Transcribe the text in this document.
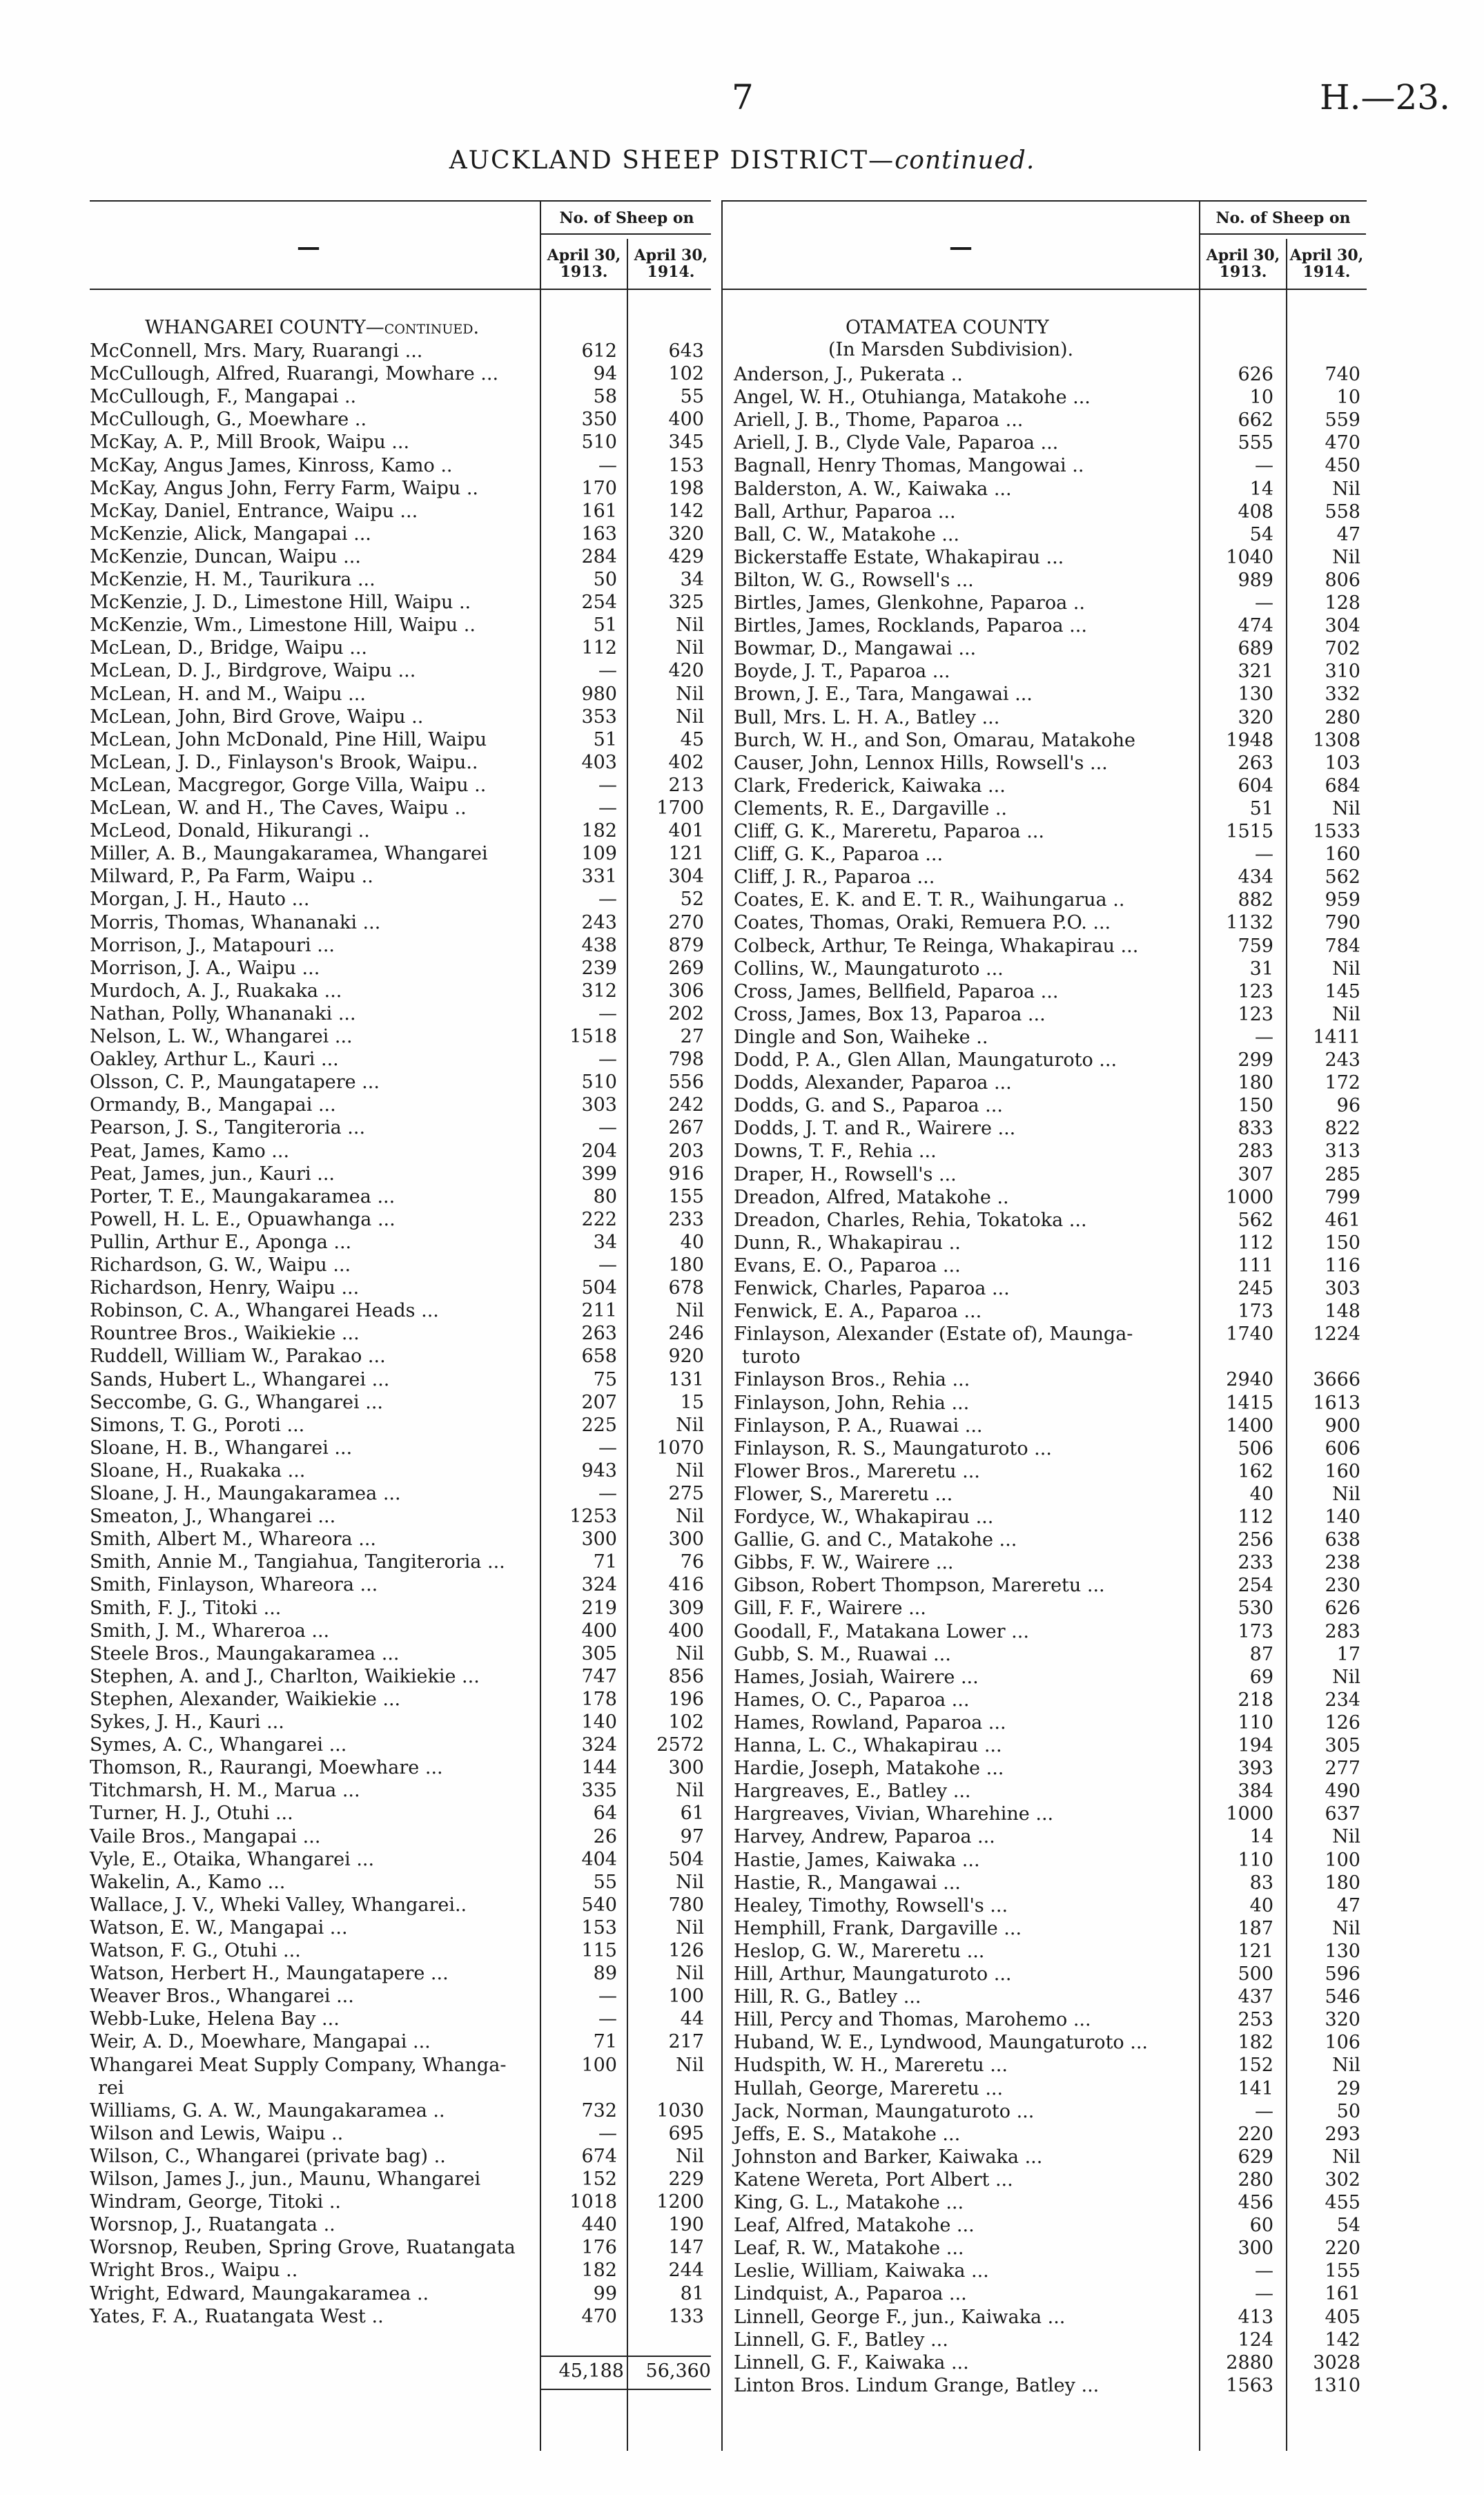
7	H.—23.
AUCKLAND SHEEP DISTRICT—continued.
No. of Sheep on
April 30, 1913.
April 30, 1914.
—
WHANGAREI COUNTY—continued.
McConnell, Mrs. Mary, Ruarangi ...	612	643
McCullough, Alfred, Ruarangi, Mowhare ...	94	102
McCullough, F., Mangapai ..	58	55
McCullough, G., Moewhare ..	350	400
McKay, A. P., Mill Brook, Waipu ...	510	345
McKay, Angus James, Kinross, Kamo ..	—	153
McKay, Angus John, Ferry Farm, Waipu ..	170	198
McKay, Daniel, Entrance, Waipu ...	161	142
McKenzie, Alick, Mangapai ...	163	320
McKenzie, Duncan, Waipu ...	284	429
McKenzie, H. M., Taurikura ...	50	34
McKenzie, J. D., Limestone Hill, Waipu ..	254	325
McKenzie, Wm., Limestone Hill, Waipu ..	51	Nil
McLean, D., Bridge, Waipu ...	112	Nil
McLean, D. J., Birdgrove, Waipu ...	—	420
McLean, H. and M., Waipu ...	980	Nil
McLean, John, Bird Grove, Waipu ..	353	Nil
McLean, John McDonald, Pine Hill, Waipu	51	45
McLean, J. D., Finlayson's Brook, Waipu..	403	402
McLean, Macgregor, Gorge Villa, Waipu ..	—	213
McLean, W. and H., The Caves, Waipu ..	—	1700
McLeod, Donald, Hikurangi ..	182	401
Miller, A. B., Maungakaramea, Whangarei	109	121
Milward, P., Pa Farm, Waipu ..	331	304
Morgan, J. H., Hauto ...	—	52
Morris, Thomas, Whananaki ...	243	270
Morrison, J., Matapouri ...	438	879
Morrison, J. A., Waipu ...	239	269
Murdoch, A. J., Ruakaka ...	312	306
Nathan, Polly, Whananaki ...	—	202
Nelson, L. W., Whangarei ...	1518	27
Oakley, Arthur L., Kauri ...	—	798
Olsson, C. P., Maungatapere ...	510	556
Ormandy, B., Mangapai ...	303	242
Pearson, J. S., Tangiteroria ...	—	267
Peat, James, Kamo ...	204	203
Peat, James, jun., Kauri ...	399	916
Porter, T. E., Maungakaramea ...	80	155
Powell, H. L. E., Opuawhanga ...	222	233
Pullin, Arthur E., Aponga ...	34	40
Richardson, G. W., Waipu ...	—	180
Richardson, Henry, Waipu ...	504	678
Robinson, C. A., Whangarei Heads ...	211	Nil
Rountree Bros., Waikiekie ...	263	246
Ruddell, William W., Parakao ...	658	920
Sands, Hubert L., Whangarei ...	75	131
Seccombe, G. G., Whangarei ...	207	15
Simons, T. G., Poroti ...	225	Nil
Sloane, H. B., Whangarei ...	—	1070
Sloane, H., Ruakaka ...	943	Nil
Sloane, J. H., Maungakaramea ...	—	275
Smeaton, J., Whangarei ...	1253	Nil
Smith, Albert M., Whareora ...	300	300
Smith, Annie M., Tangiahua, Tangiteroria ...	71	76
Smith, Finlayson, Whareora ...	324	416
Smith, F. J., Titoki ...	219	309
Smith, J. M., Whareroa ...	400	400
Steele Bros., Maungakaramea ...	305	Nil
Stephen, A. and J., Charlton, Waikiekie ...	747	856
Stephen, Alexander, Waikiekie ...	178	196
Sykes, J. H., Kauri ...	140	102
Symes, A. C., Whangarei ...	324	2572
Thomson, R., Raurangi, Moewhare ...	144	300
Titchmarsh, H. M., Marua ...	335	Nil
Turner, H. J., Otuhi ...	64	61
Vaile Bros., Mangapai ...	26	97
Vyle, E., Otaika, Whangarei ...	404	504
Wakelin, A., Kamo ...	55	Nil
Wallace, J. V., Wheki Valley, Whangarei..	540	780
Watson, E. W., Mangapai ...	153	Nil
Watson, F. G., Otuhi ...	115	126
Watson, Herbert H., Maungatapere ...	89	Nil
Weaver Bros., Whangarei ...	—	100
Webb-Luke, Helena Bay ...	—	44
Weir, A. D., Moewhare, Mangapai ...	71	217
Whangarei Meat Supply Company, Whanga-	100	Nil
rei
Williams, G. A. W., Maungakaramea ..	732	1030
Wilson and Lewis, Waipu ..	—	695
Wilson, C., Whangarei (private bag) ..	674	Nil
Wilson, James J., jun., Maunu, Whangarei	152	229
Windram, George, Titoki ..	1018	1200
Worsnop, J., Ruatangata ..	440	190
Worsnop, Reuben, Spring Grove, Ruatangata	176	147
Wright Bros., Waipu ..	182	244
Wright, Edward, Maungakaramea ..	99	81
Yates, F. A., Ruatangata West ..	470	133
45,188	56,360
No. of Sheep on
April 30, 1913.
April 30, 1914.
—
OTAMATEA COUNTY
(In Marsden Subdivision).
Anderson, J., Pukerata ..	626	740
Angel, W. H., Otuhianga, Matakohe ...	10	10
Ariell, J. B., Thome, Paparoa ...	662	559
Ariell, J. B., Clyde Vale, Paparoa ...	555	470
Bagnall, Henry Thomas, Mangowai ..	—	450
Balderston, A. W., Kaiwaka ...	14	Nil
Ball, Arthur, Paparoa ...	408	558
Ball, C. W., Matakohe ...	54	47
Bickerstaffe Estate, Whakapirau ...	1040	Nil
Bilton, W. G., Rowsell's ...	989	806
Birtles, James, Glenkohne, Paparoa ..	—	128
Birtles, James, Rocklands, Paparoa ...	474	304
Bowmar, D., Mangawai ...	689	702
Boyde, J. T., Paparoa ...	321	310
Brown, J. E., Tara, Mangawai ...	130	332
Bull, Mrs. L. H. A., Batley ...	320	280
Burch, W. H., and Son, Omarau, Matakohe	1948	1308
Causer, John, Lennox Hills, Rowsell's ...	263	103
Clark, Frederick, Kaiwaka ...	604	684
Clements, R. E., Dargaville ..	51	Nil
Cliff, G. K., Mareretu, Paparoa ...	1515	1533
Cliff, G. K., Paparoa ...	—	160
Cliff, J. R., Paparoa ...	434	562
Coates, E. K. and E. T. R., Waihungarua ..	882	959
Coates, Thomas, Oraki, Remuera P.O. ...	1132	790
Colbeck, Arthur, Te Reinga, Whakapirau ...	759	784
Collins, W., Maungaturoto ...	31	Nil
Cross, James, Bellfield, Paparoa ...	123	145
Cross, James, Box 13, Paparoa ...	123	Nil
Dingle and Son, Waiheke ..	—	1411
Dodd, P. A., Glen Allan, Maungaturoto ...	299	243
Dodds, Alexander, Paparoa ...	180	172
Dodds, G. and S., Paparoa ...	150	96
Dodds, J. T. and R., Wairere ...	833	822
Downs, T. F., Rehia ...	283	313
Draper, H., Rowsell's ...	307	285
Dreadon, Alfred, Matakohe ..	1000	799
Dreadon, Charles, Rehia, Tokatoka ...	562	461
Dunn, R., Whakapirau ..	112	150
Evans, E. O., Paparoa ...	111	116
Fenwick, Charles, Paparoa ...	245	303
Fenwick, E. A., Paparoa ...	173	148
Finlayson, Alexander (Estate of), Maunga-	1740	1224
turoto
Finlayson Bros., Rehia ...	2940	3666
Finlayson, John, Rehia ...	1415	1613
Finlayson, P. A., Ruawai ...	1400	900
Finlayson, R. S., Maungaturoto ...	506	606
Flower Bros., Mareretu ...	162	160
Flower, S., Mareretu ...	40	Nil
Fordyce, W., Whakapirau ...	112	140
Gallie, G. and C., Matakohe ...	256	638
Gibbs, F. W., Wairere ...	233	238
Gibson, Robert Thompson, Mareretu ...	254	230
Gill, F. F., Wairere ...	530	626
Goodall, F., Matakana Lower ...	173	283
Gubb, S. M., Ruawai ...	87	17
Hames, Josiah, Wairere ...	69	Nil
Hames, O. C., Paparoa ...	218	234
Hames, Rowland, Paparoa ...	110	126
Hanna, L. C., Whakapirau ...	194	305
Hardie, Joseph, Matakohe ...	393	277
Hargreaves, E., Batley ...	384	490
Hargreaves, Vivian, Wharehine ...	1000	637
Harvey, Andrew, Paparoa ...	14	Nil
Hastie, James, Kaiwaka ...	110	100
Hastie, R., Mangawai ...	83	180
Healey, Timothy, Rowsell's ...	40	47
Hemphill, Frank, Dargaville ...	187	Nil
Heslop, G. W., Mareretu ...	121	130
Hill, Arthur, Maungaturoto ...	500	596
Hill, R. G., Batley ...	437	546
Hill, Percy and Thomas, Marohemo ...	253	320
Huband, W. E., Lyndwood, Maungaturoto ...	182	106
Hudspith, W. H., Mareretu ...	152	Nil
Hullah, George, Mareretu ...	141	29
Jack, Norman, Maungaturoto ...	—	50
Jeffs, E. S., Matakohe ...	220	293
Johnston and Barker, Kaiwaka ...	629	Nil
Katene Wereta, Port Albert ...	280	302
King, G. L., Matakohe ...	456	455
Leaf, Alfred, Matakohe ...	60	54
Leaf, R. W., Matakohe ...	300	220
Leslie, William, Kaiwaka ...	—	155
Lindquist, A., Paparoa ...	—	161
Linnell, George F., jun., Kaiwaka ...	413	405
Linnell, G. F., Batley ...	124	142
Linnell, G. F., Kaiwaka ...	2880	3028
Linton Bros. Lindum Grange, Batley ...	1563	1310
